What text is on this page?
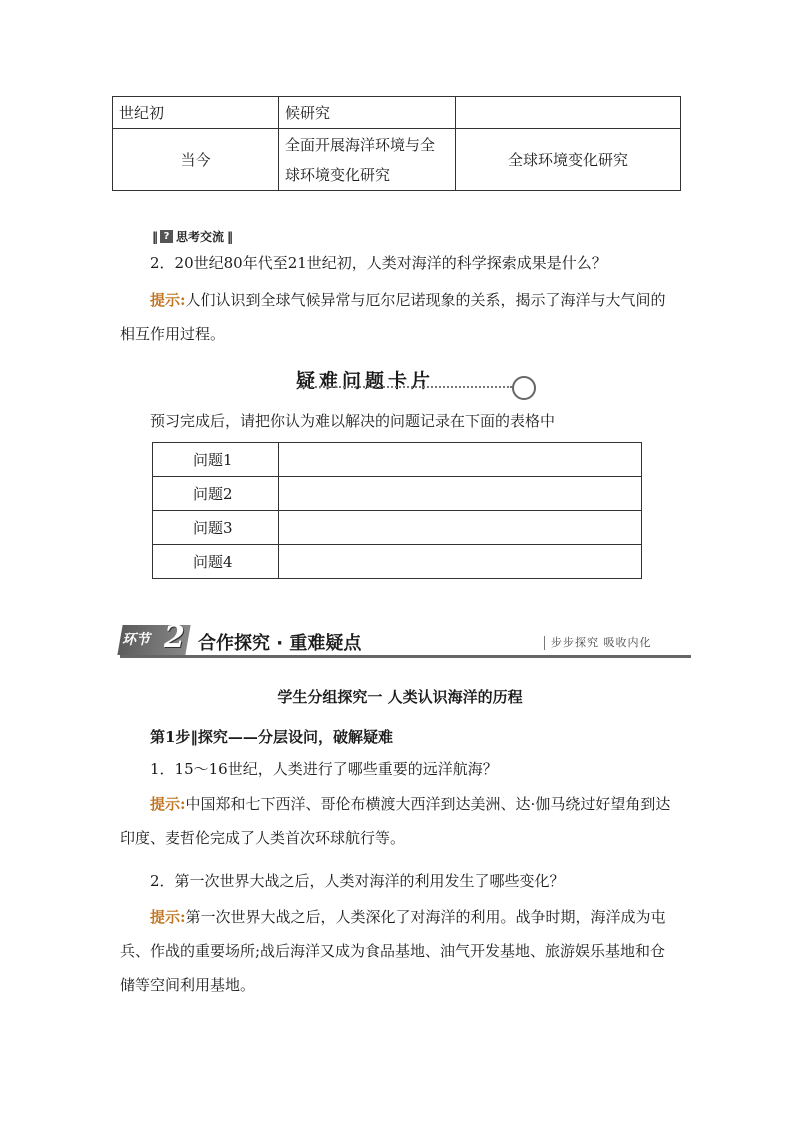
世纪初	候研究	
当今	全面开展海洋环境与全球环境变化研究	全球环境变化研究
‖ ? 思考交流 ‖
2．20世纪80年代至21世纪初，人类对海洋的科学探索成果是什么？
提示:人们认识到全球气候异常与厄尔尼诺现象的关系，揭示了海洋与大气间的相互作用过程。
疑难问题卡片
预习完成后，请把你认为难以解决的问题记录在下面的表格中
问题1	
问题2	
问题3	
问题4	
环节 2 合作探究 · 重难疑点	步步探究 吸收内化
学生分组探究一 人类认识海洋的历程
第1步‖探究——分层设问，破解疑难
1．15～16世纪，人类进行了哪些重要的远洋航海？
提示:中国郑和七下西洋、哥伦布横渡大西洋到达美洲、达·伽马绕过好望角到达印度、麦哲伦完成了人类首次环球航行等。
2．第一次世界大战之后，人类对海洋的利用发生了哪些变化？
提示:第一次世界大战之后，人类深化了对海洋的利用。战争时期，海洋成为屯兵、作战的重要场所;战后海洋又成为食品基地、油气开发基地、旅游娱乐基地和仓储等空间利用基地。
